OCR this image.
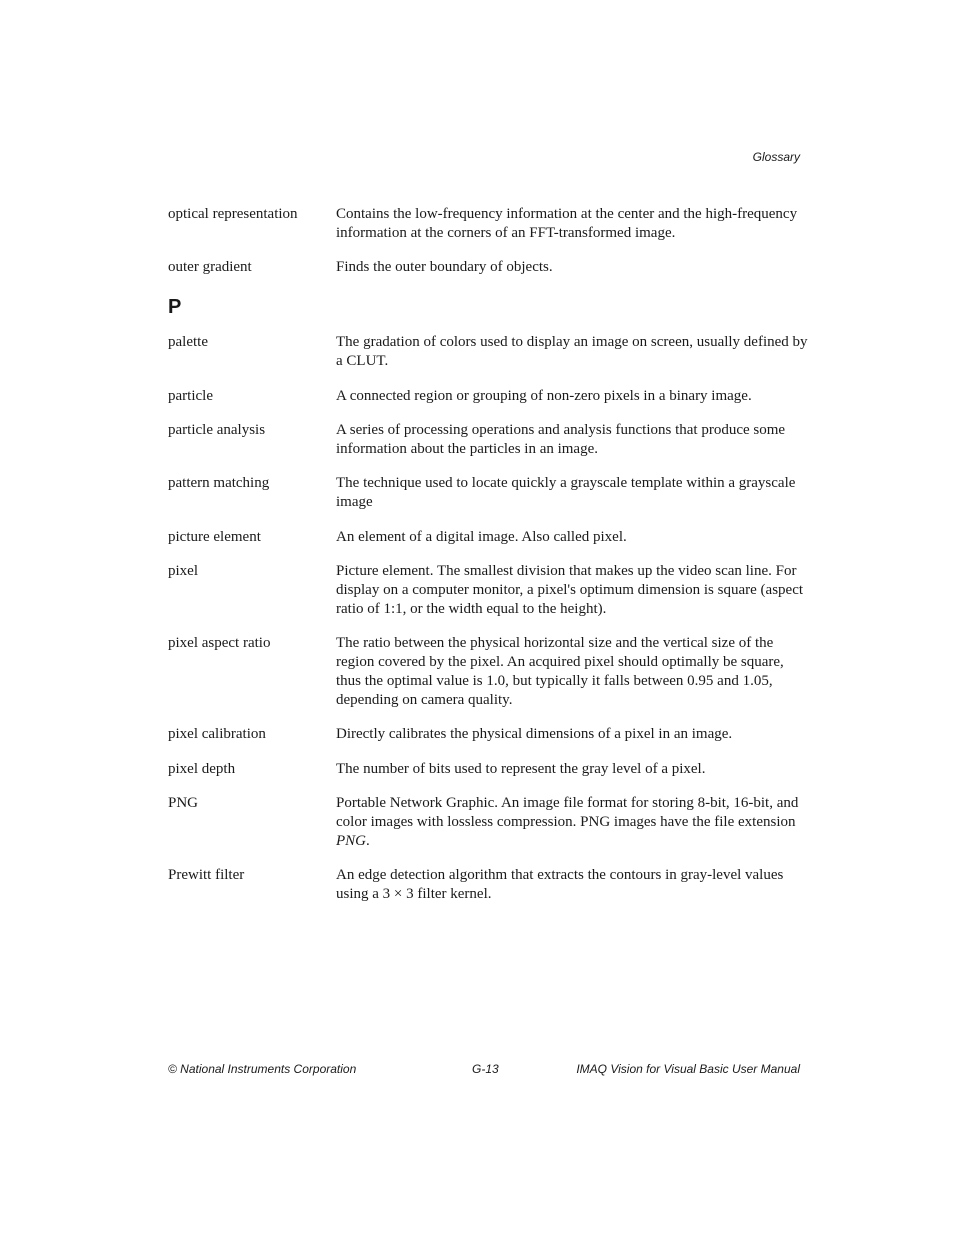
Glossary
optical representation	Contains the low-frequency information at the center and the high-frequency information at the corners of an FFT-transformed image.
outer gradient	Finds the outer boundary of objects.
P
palette	The gradation of colors used to display an image on screen, usually defined by a CLUT.
particle	A connected region or grouping of non-zero pixels in a binary image.
particle analysis	A series of processing operations and analysis functions that produce some information about the particles in an image.
pattern matching	The technique used to locate quickly a grayscale template within a grayscale image
picture element	An element of a digital image. Also called pixel.
pixel	Picture element. The smallest division that makes up the video scan line. For display on a computer monitor, a pixel's optimum dimension is square (aspect ratio of 1:1, or the width equal to the height).
pixel aspect ratio	The ratio between the physical horizontal size and the vertical size of the region covered by the pixel. An acquired pixel should optimally be square, thus the optimal value is 1.0, but typically it falls between 0.95 and 1.05, depending on camera quality.
pixel calibration	Directly calibrates the physical dimensions of a pixel in an image.
pixel depth	The number of bits used to represent the gray level of a pixel.
PNG	Portable Network Graphic. An image file format for storing 8-bit, 16-bit, and color images with lossless compression. PNG images have the file extension PNG.
Prewitt filter	An edge detection algorithm that extracts the contours in gray-level values using a 3 × 3 filter kernel.
© National Instruments Corporation	G-13	IMAQ Vision for Visual Basic User Manual
